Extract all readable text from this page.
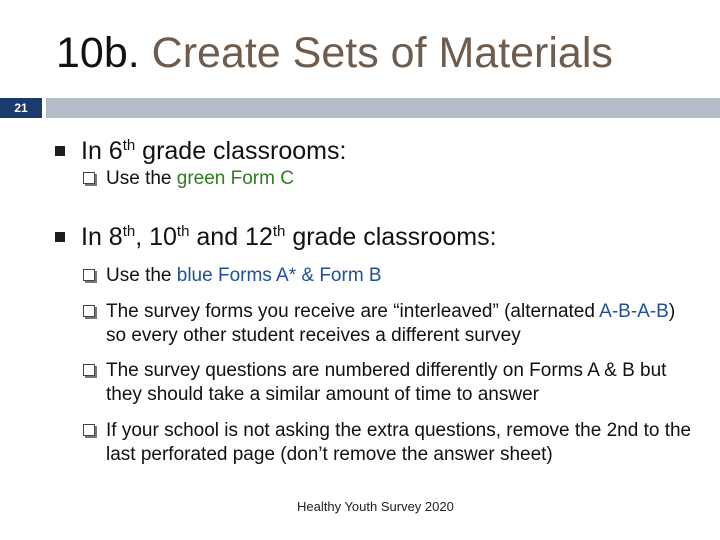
10b. Create Sets of Materials
21
In 6th grade classrooms:
Use the green Form C
In 8th, 10th and 12th grade classrooms:
Use the blue Forms A* & Form B
The survey forms you receive are “interleaved” (alternated A-B-A-B) so every other student receives a different survey
The survey questions are numbered differently on Forms A & B but they should take a similar amount of time to answer
If your school is not asking the extra questions, remove the 2nd to the last perforated page (don’t remove the answer sheet)
Healthy Youth Survey 2020
